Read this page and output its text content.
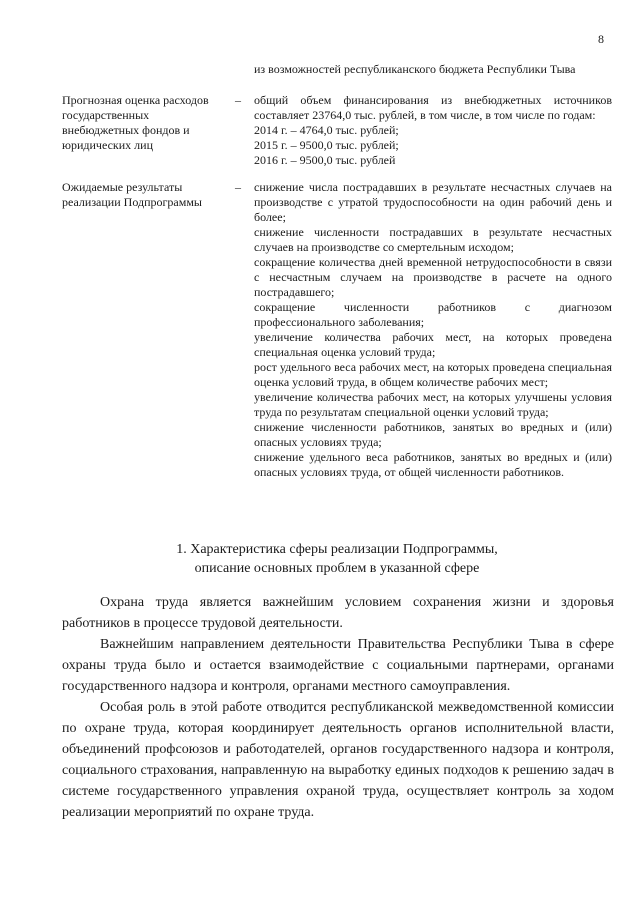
8
из возможностей республиканского бюджета Республики Тыва
Прогнозная оценка расходов государственных внебюджетных фондов и юридических лиц
– общий объем финансирования из внебюджетных источников составляет 23764,0 тыс. рублей, в том числе, в том числе по годам:
2014 г. – 4764,0 тыс. рублей;
2015 г. – 9500,0 тыс. рублей;
2016 г. – 9500,0 тыс. рублей
Ожидаемые результаты реализации Подпрограммы
– снижение числа пострадавших в результате несчастных случаев на производстве с утратой трудоспособности на один рабочий день и более;
снижение численности пострадавших в результате несчастных случаев на производстве со смертельным исходом;
сокращение количества дней временной нетрудоспособности в связи с несчастным случаем на производстве в расчете на одного пострадавшего;
сокращение численности работников с диагнозом профессионального заболевания;
увеличение количества рабочих мест, на которых проведена специальная оценка условий труда;
рост удельного веса рабочих мест, на которых проведена специальная оценка условий труда, в общем количестве рабочих мест;
увеличение количества рабочих мест, на которых улучшены условия труда по результатам специальной оценки условий труда;
снижение численности работников, занятых во вредных и (или) опасных условиях труда;
снижение удельного веса работников, занятых во вредных и (или) опасных условиях труда, от общей численности работников.
1. Характеристика сферы реализации Подпрограммы,
описание основных проблем в указанной сфере

Охрана труда является важнейшим условием сохранения жизни и здоровья работников в процессе трудовой деятельности.

Важнейшим направлением деятельности Правительства Республики Тыва в сфере охраны труда было и остается взаимодействие с социальными партнерами, органами государственного надзора и контроля, органами местного самоуправления.

Особая роль в этой работе отводится республиканской межведомственной комиссии по охране труда, которая координирует деятельность органов исполнительной власти, объединений профсоюзов и работодателей, органов государственного надзора и контроля, социального страхования, направленную на выработку единых подходов к решению задач в системе государственного управления охраной труда, осуществляет контроль за ходом реализации мероприятий по охране труда.
